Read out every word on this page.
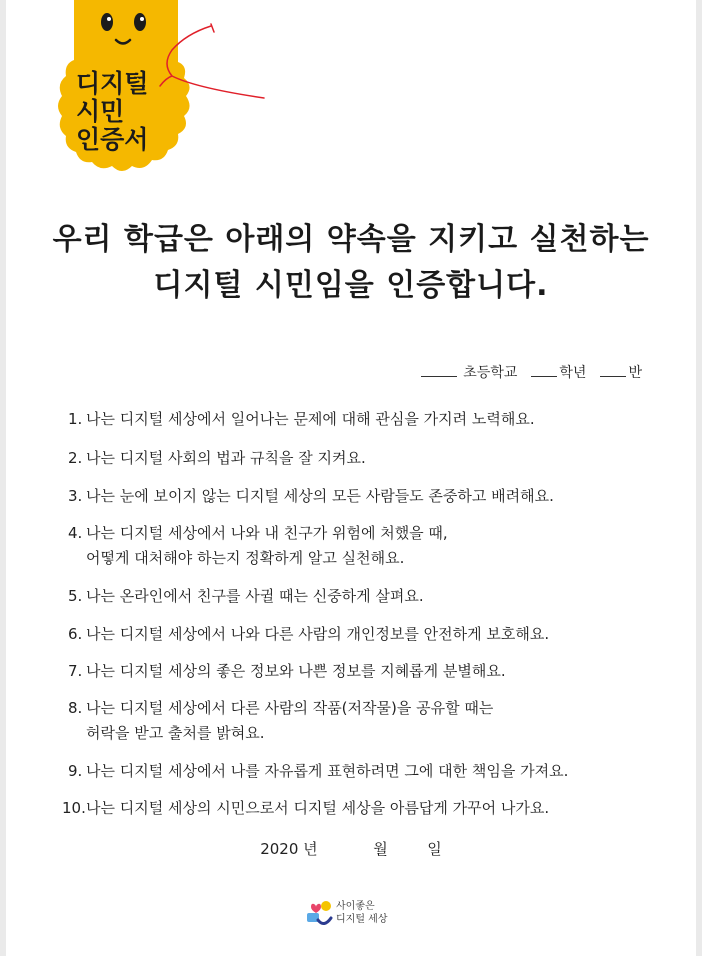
디지털
시민
인증서
우리 학급은 아래의 약속을 지키고 실천하는
디지털 시민임을 인증합니다.
초등학교	학년	반
1. 나는 디지털 세상에서 일어나는 문제에 대해 관심을 가지려 노력해요.
2. 나는 디지털 사회의 법과 규칙을 잘 지켜요.
3. 나는 눈에 보이지 않는 디지털 세상의 모든 사람들도 존중하고 배려해요.
4. 나는 디지털 세상에서 나와 내 친구가 위험에 처했을 때,
어떻게 대처해야 하는지 정확하게 알고 실천해요.
5. 나는 온라인에서 친구를 사귈 때는 신중하게 살펴요.
6. 나는 디지털 세상에서 나와 다른 사람의 개인정보를 안전하게 보호해요.
7. 나는 디지털 세상의 좋은 정보와 나쁜 정보를 지혜롭게 분별해요.
8. 나는 디지털 세상에서 다른 사람의 작품(저작물)을 공유할 때는
허락을 받고 출처를 밝혀요.
9. 나는 디지털 세상에서 나를 자유롭게 표현하려면 그에 대한 책임을 가져요.
10. 나는 디지털 세상의 시민으로서 디지털 세상을 아름답게 가꾸어 나가요.
2020 년	월	일
사이좋은
디지털 세상
